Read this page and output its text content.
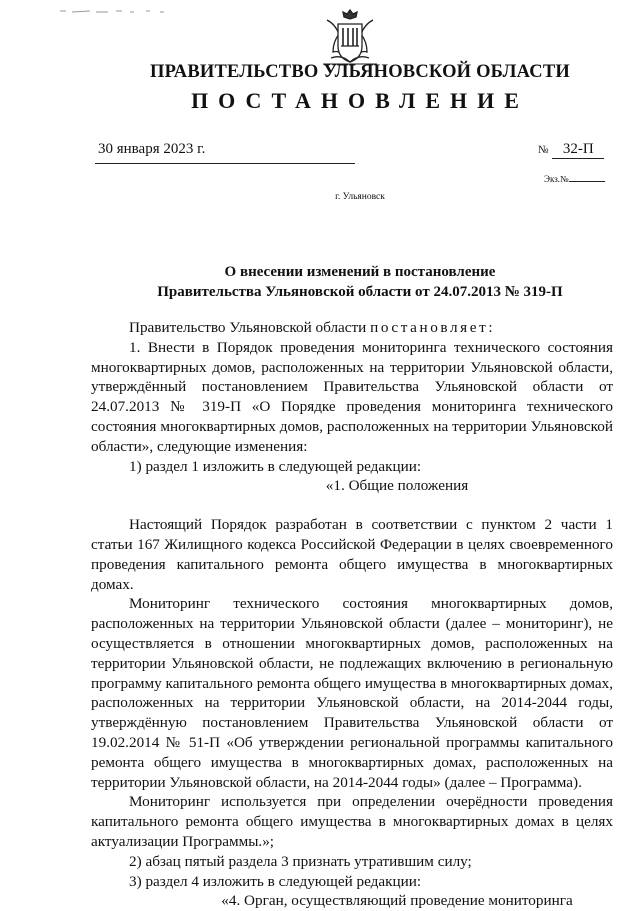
ПРАВИТЕЛЬСТВО УЛЬЯНОВСКОЙ ОБЛАСТИ
ПОСТАНОВЛЕНИЕ
30 января 2023 г.	№ 32-П
Экз.№
г. Ульяновск
О внесении изменений в постановление
Правительства Ульяновской области от 24.07.2013 № 319-П

Правительство Ульяновской области постановляет:

1. Внести в Порядок проведения мониторинга технического состояния многоквартирных домов, расположенных на территории Ульяновской области, утверждённый постановлением Правительства Ульяновской области от 24.07.2013 № 319-П «О Порядке проведения мониторинга технического состояния многоквартирных домов, расположенных на территории Ульяновской области», следующие изменения:

1) раздел 1 изложить в следующей редакции:

«1. Общие положения

Настоящий Порядок разработан в соответствии с пунктом 2 части 1 статьи 167 Жилищного кодекса Российской Федерации в целях своевременного проведения капитального ремонта общего имущества в многоквартирных домах.

Мониторинг технического состояния многоквартирных домов, расположенных на территории Ульяновской области (далее – мониторинг), не осуществляется в отношении многоквартирных домов, расположенных на территории Ульяновской области, не подлежащих включению в региональную программу капитального ремонта общего имущества в многоквартирных домах, расположенных на территории Ульяновской области, на 2014-2044 годы, утверждённую постановлением Правительства Ульяновской области от 19.02.2014 № 51-П «Об утверждении региональной программы капитального ремонта общего имущества в многоквартирных домах, расположенных на территории Ульяновской области, на 2014-2044 годы» (далее – Программа).

Мониторинг используется при определении очерёдности проведения капитального ремонта общего имущества в многоквартирных домах в целях актуализации Программы.»;

2) абзац пятый раздела 3 признать утратившим силу;

3) раздел 4 изложить в следующей редакции:

«4. Орган, осуществляющий проведение мониторинга
